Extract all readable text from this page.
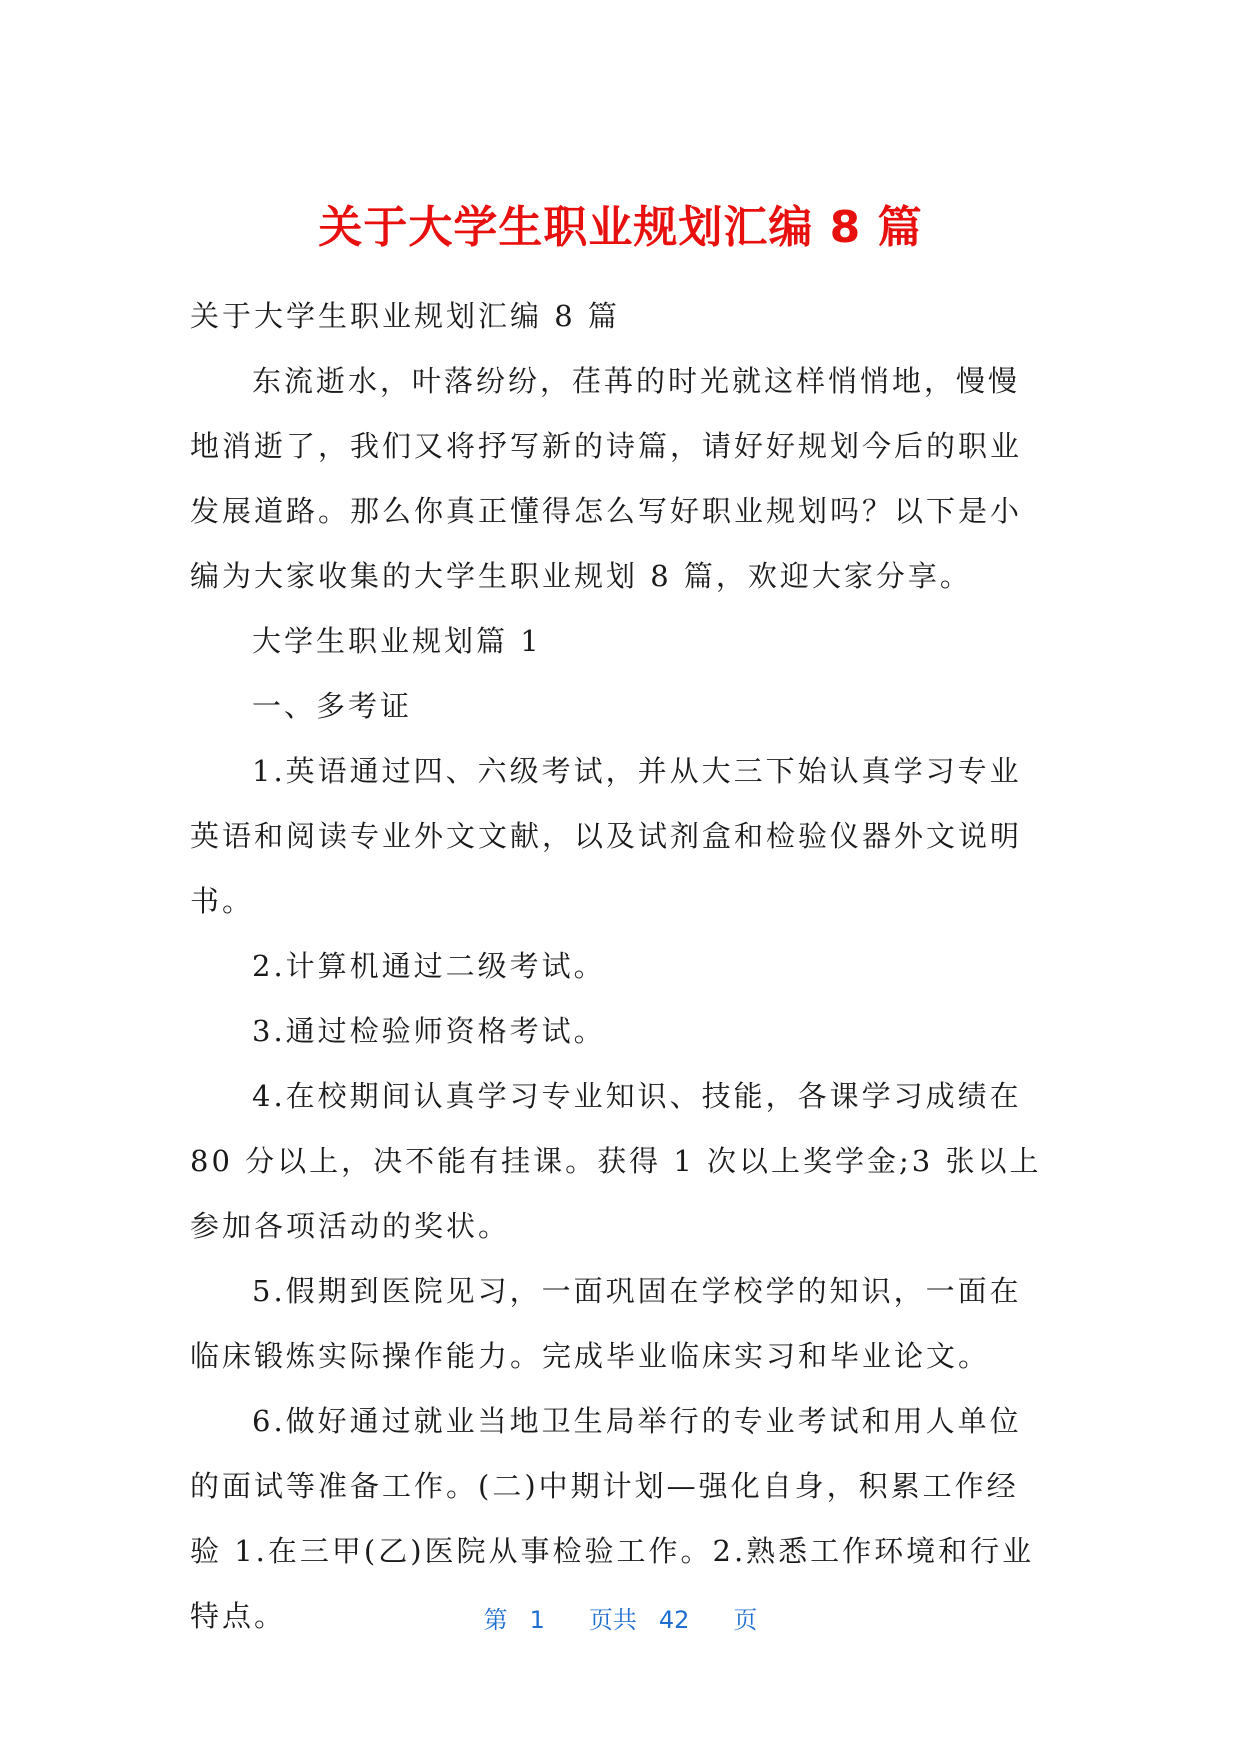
关于大学生职业规划汇编 8 篇

关于大学生职业规划汇编 8 篇

东流逝水，叶落纷纷，荏苒的时光就这样悄悄地，慢慢地消逝了，我们又将抒写新的诗篇，请好好规划今后的职业发展道路。那么你真正懂得怎么写好职业规划吗？以下是小编为大家收集的大学生职业规划 8 篇，欢迎大家分享。

大学生职业规划篇 1

一、多考证

1.英语通过四、六级考试，并从大三下始认真学习专业英语和阅读专业外文文献，以及试剂盒和检验仪器外文说明书。

2.计算机通过二级考试。

3.通过检验师资格考试。

4.在校期间认真学习专业知识、技能，各课学习成绩在 80 分以上，决不能有挂课。获得 1 次以上奖学金;3 张以上参加各项活动的奖状。

5.假期到医院见习，一面巩固在学校学的知识，一面在临床锻炼实际操作能力。完成毕业临床实习和毕业论文。

6.做好通过就业当地卫生局举行的专业考试和用人单位的面试等准备工作。(二)中期计划—强化自身，积累工作经验 1.在三甲(乙)医院从事检验工作。2.熟悉工作环境和行业特点。	第 1 页共 42 页
